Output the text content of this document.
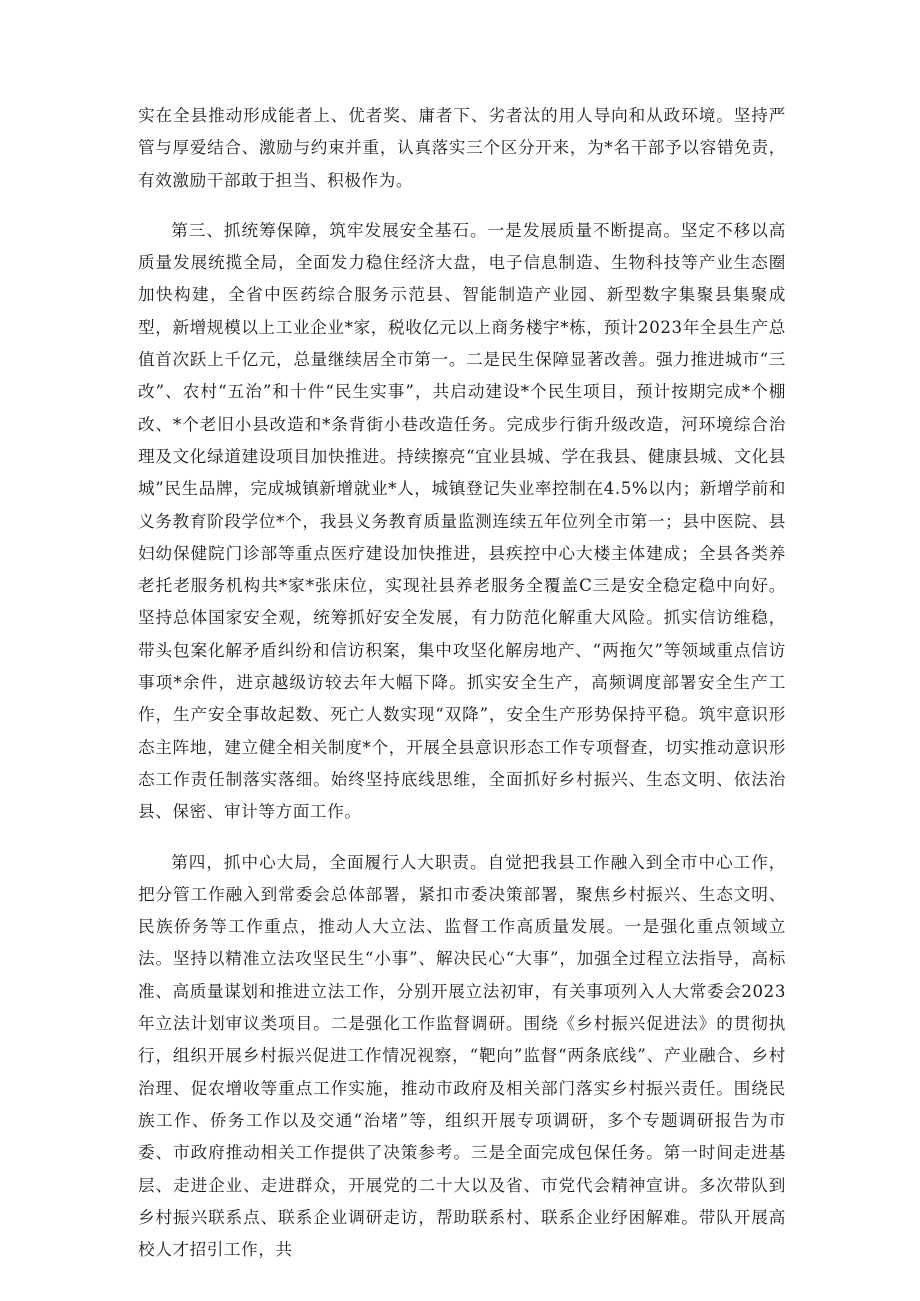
实在全县推动形成能者上、优者奖、庸者下、劣者汰的用人导向和从政环境。坚持严管与厚爱结合、激励与约束并重，认真落实三个区分开来，为*名干部予以容错免责，有效激励干部敢于担当、积极作为。

第三、抓统筹保障，筑牢发展安全基石。一是发展质量不断提高。坚定不移以高质量发展统揽全局，全面发力稳住经济大盘，电子信息制造、生物科技等产业生态圈加快构建，全省中医药综合服务示范县、智能制造产业园、新型数字集聚县集聚成型，新增规模以上工业企业*家，税收亿元以上商务楼宇*栋，预计2023年全县生产总值首次跃上千亿元，总量继续居全市第一。二是民生保障显著改善。强力推进城市“三改”、农村“五治”和十件“民生实事”，共启动建设*个民生项目，预计按期完成*个棚改、*个老旧小县改造和*条背街小巷改造任务。完成步行街升级改造，河环境综合治理及文化绿道建设项目加快推进。持续擦亮“宜业县城、学在我县、健康县城、文化县城”民生品牌，完成城镇新增就业*人，城镇登记失业率控制在4.5%以内；新增学前和义务教育阶段学位*个，我县义务教育质量监测连续五年位列全市第一；县中医院、县妇幼保健院门诊部等重点医疗建设加快推进，县疾控中心大楼主体建成；全县各类养老托老服务机构共*家*张床位，实现社县养老服务全覆盖C三是安全稳定稳中向好。坚持总体国家安全观，统筹抓好安全发展，有力防范化解重大风险。抓实信访维稳，带头包案化解矛盾纠纷和信访积案，集中攻坚化解房地产、“两拖欠”等领域重点信访事项*余件，进京越级访较去年大幅下降。抓实安全生产，高频调度部署安全生产工作，生产安全事故起数、死亡人数实现“双降”，安全生产形势保持平稳。筑牢意识形态主阵地，建立健全相关制度*个，开展全县意识形态工作专项督查，切实推动意识形态工作责任制落实落细。始终坚持底线思维，全面抓好乡村振兴、生态文明、依法治县、保密、审计等方面工作。

第四，抓中心大局，全面履行人大职责。自觉把我县工作融入到全市中心工作，把分管工作融入到常委会总体部署，紧扣市委决策部署，聚焦乡村振兴、生态文明、民族侨务等工作重点，推动人大立法、监督工作高质量发展。一是强化重点领域立法。坚持以精准立法攻坚民生“小事”、解决民心“大事”，加强全过程立法指导，高标准、高质量谋划和推进立法工作，分别开展立法初审，有关事项列入人大常委会2023年立法计划审议类项目。二是强化工作监督调研。围绕《乡村振兴促进法》的贯彻执行，组织开展乡村振兴促进工作情况视察，“靶向”监督“两条底线”、产业融合、乡村治理、促农增收等重点工作实施，推动市政府及相关部门落实乡村振兴责任。围绕民族工作、侨务工作以及交通“治堵”等，组织开展专项调研，多个专题调研报告为市委、市政府推动相关工作提供了决策参考。三是全面完成包保任务。第一时间走进基层、走进企业、走进群众，开展党的二十大以及省、市党代会精神宣讲。多次带队到乡村振兴联系点、联系企业调研走访，帮助联系村、联系企业纾困解难。带队开展高校人才招引工作，共
